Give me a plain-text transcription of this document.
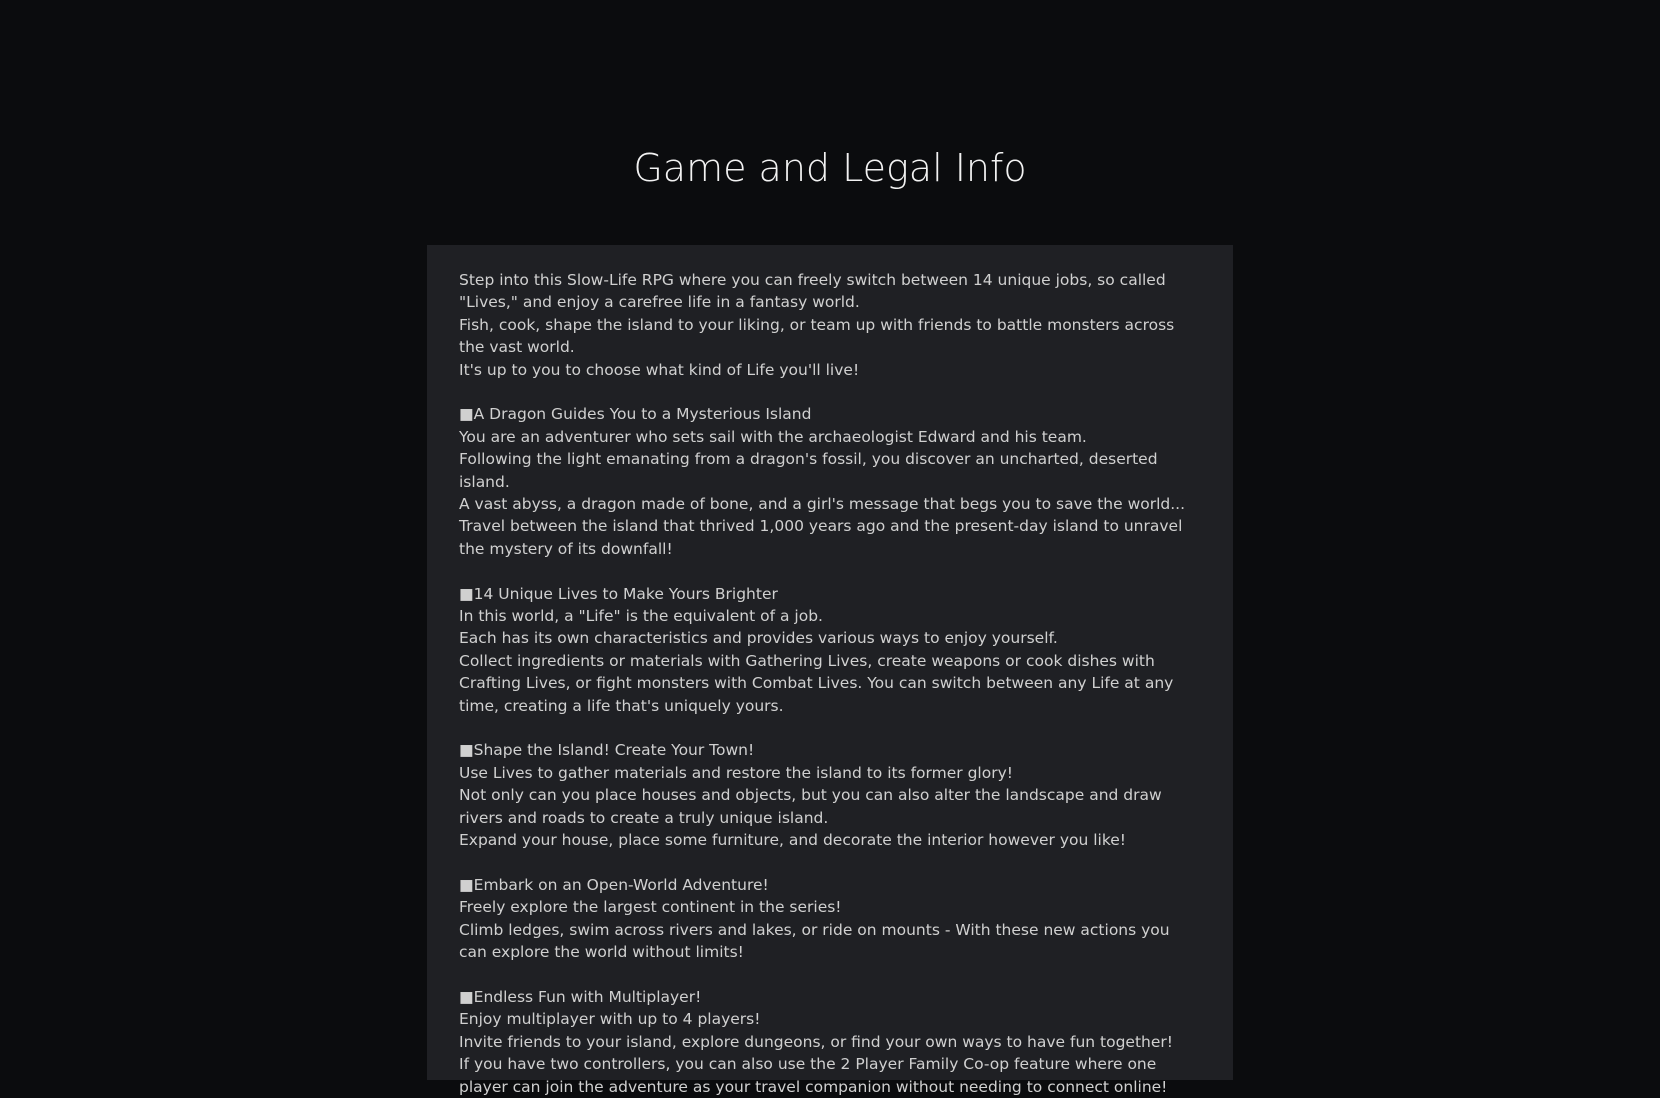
Game and Legal Info

Step into this Slow-Life RPG where you can freely switch between 14 unique jobs, so called "Lives," and enjoy a carefree life in a fantasy world.
Fish, cook, shape the island to your liking, or team up with friends to battle monsters across the vast world.
It's up to you to choose what kind of Life you'll live!

■A Dragon Guides You to a Mysterious Island
You are an adventurer who sets sail with the archaeologist Edward and his team.
Following the light emanating from a dragon's fossil, you discover an uncharted, deserted island.
A vast abyss, a dragon made of bone, and a girl's message that begs you to save the world...
Travel between the island that thrived 1,000 years ago and the present-day island to unravel the mystery of its downfall!

■14 Unique Lives to Make Yours Brighter
In this world, a "Life" is the equivalent of a job.
Each has its own characteristics and provides various ways to enjoy yourself.
Collect ingredients or materials with Gathering Lives, create weapons or cook dishes with Crafting Lives, or fight monsters with Combat Lives. You can switch between any Life at any time, creating a life that's uniquely yours.

■Shape the Island! Create Your Town!
Use Lives to gather materials and restore the island to its former glory!
Not only can you place houses and objects, but you can also alter the landscape and draw rivers and roads to create a truly unique island.
Expand your house, place some furniture, and decorate the interior however you like!

■Embark on an Open-World Adventure!
Freely explore the largest continent in the series!
Climb ledges, swim across rivers and lakes, or ride on mounts - With these new actions you can explore the world without limits!

■Endless Fun with Multiplayer!
Enjoy multiplayer with up to 4 players!
Invite friends to your island, explore dungeons, or find your own ways to have fun together!
If you have two controllers, you can also use the 2 Player Family Co-op feature where one player can join the adventure as your travel companion without needing to connect online!
